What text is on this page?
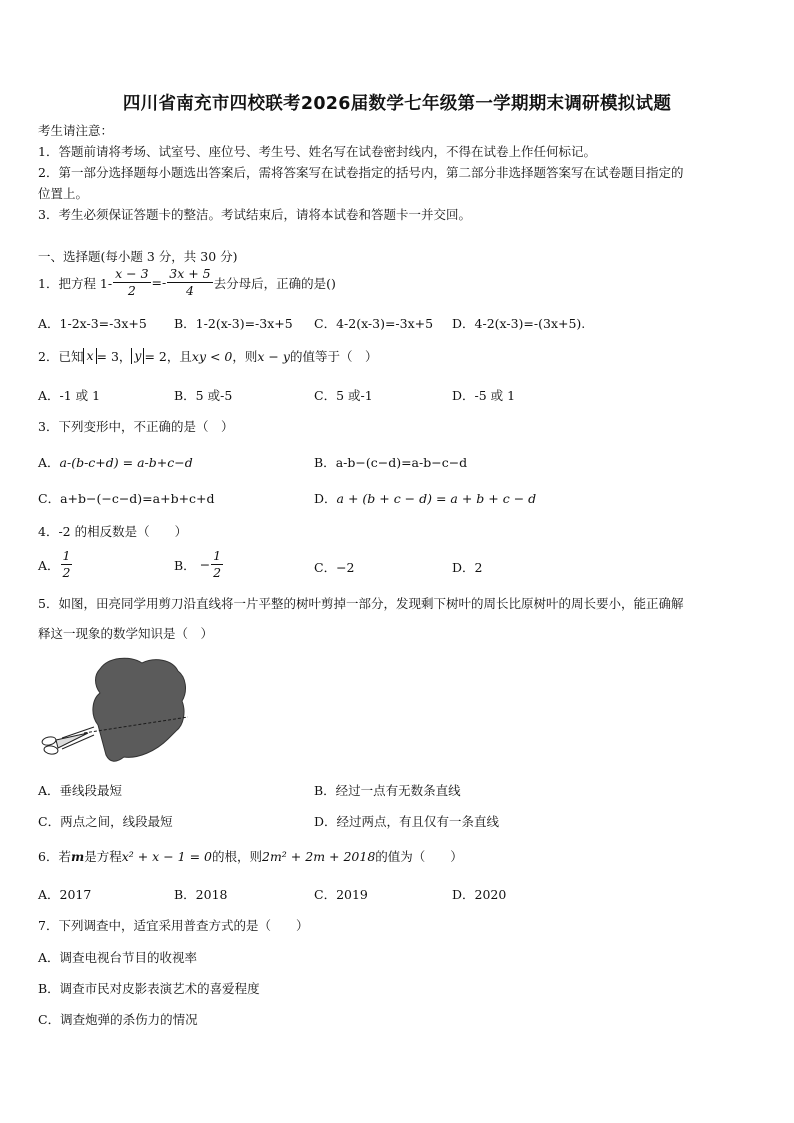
四川省南充市四校联考2026届数学七年级第一学期期末调研模拟试题
考生请注意：
1．答题前请将考场、试室号、座位号、考生号、姓名写在试卷密封线内，不得在试卷上作任何标记。
2．第一部分选择题每小题选出答案后，需将答案写在试卷指定的括号内，第二部分非选择题答案写在试卷题目指定的
位置上。
3．考生必须保证答题卡的整洁。考试结束后，请将本试卷和答题卡一并交回。
一、选择题(每小题 3 分，共 30 分)
1．把方程 $1- \frac{x - 3}{2} =- \frac{3x + 5}{4}$ 去分母后，正确的是()
A．1-2x-3=-3x+5 B．1-2(x-3)=-3x+5 C．4-2(x-3)=-3x+5 D．4-2(x-3)=-(3x+5).
2．已知 x = 3， y = 2，且 xy < 0 ，则 x − y 的值等于（　）
A．-1 或 1	B．5 或-5	C．5 或-1	D．-5 或 1
3．下列变形中，不正确的是（　）
A．a-(b-c+d) = a-b+c−d	B．a-b−(c−d)=a-b−c−d
C．a+b−(−c−d)=a+b+c+d	D．a + (b + c − d) = a + b + c − d
4．-2 的相反数是（　　）
A． $\frac{1}{2}$	B． − $\frac{1}{2}$	C．−2	D．2
5．如图，田亮同学用剪刀沿直线将一片平整的树叶剪掉一部分，发现剩下树叶的周长比原树叶的周长要小，能正确解
释这一现象的数学知识是（　）
A．垂线段最短	B．经过一点有无数条直线
C．两点之间，线段最短	D．经过两点，有且仅有一条直线
6．若m是方程x² + x − 1 = 0的根，则2m² + 2m + 2018的值为（　　）
A．2017	B．2018	C．2019	D．2020
7．下列调查中，适宜采用普查方式的是（　　）
A．调查电视台节目的收视率
B．调查市民对皮影表演艺术的喜爱程度
C．调查炮弹的杀伤力的情况
